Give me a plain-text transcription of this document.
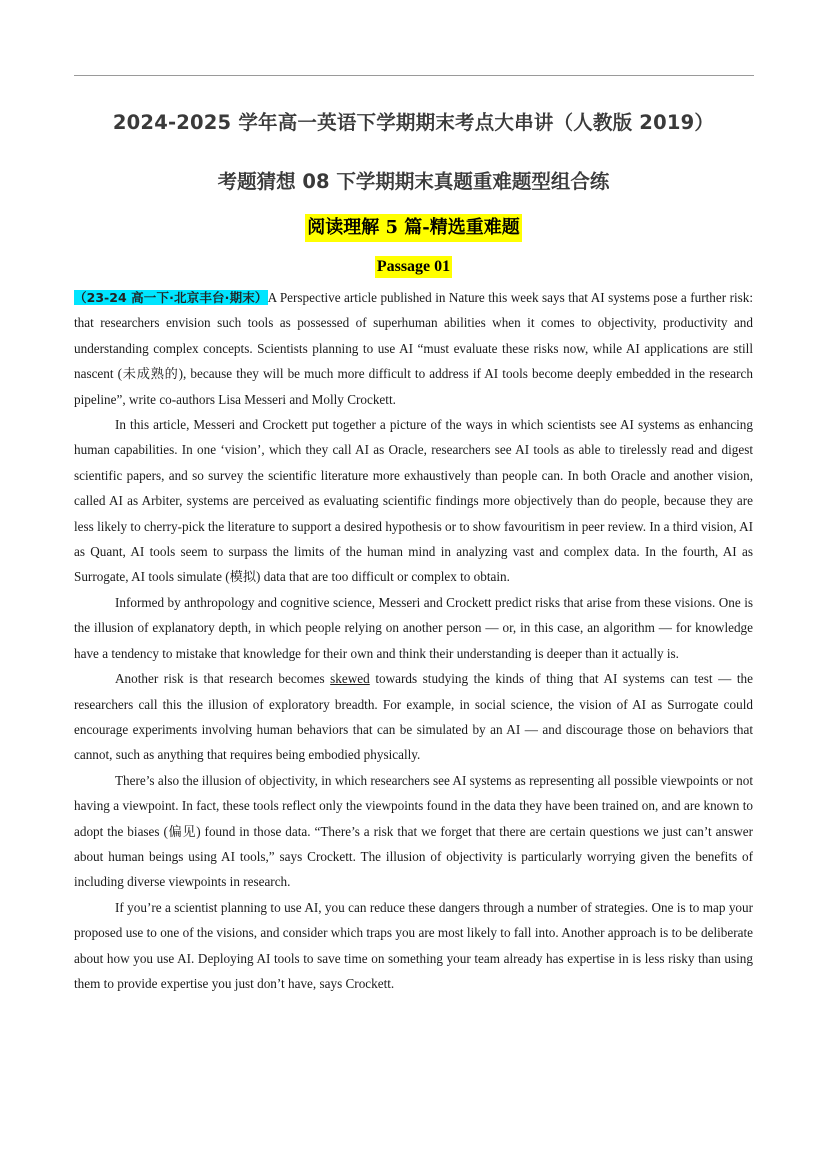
2024-2025 学年高一英语下学期期末考点大串讲（人教版 2019）
考题猜想 08 下学期期末真题重难题型组合练
阅读理解 5 篇-精选重难题
Passage 01

（23-24 高一下·北京丰台·期末）A Perspective article published in Nature this week says that AI systems pose a further risk: that researchers envision such tools as possessed of superhuman abilities when it comes to objectivity, productivity and understanding complex concepts. Scientists planning to use AI “must evaluate these risks now, while AI applications are still nascent (未成熟的), because they will be much more difficult to address if AI tools become deeply embedded in the research pipeline”, write co-authors Lisa Messeri and Molly Crockett.

In this article, Messeri and Crockett put together a picture of the ways in which scientists see AI systems as enhancing human capabilities. In one ‘vision’, which they call AI as Oracle, researchers see AI tools as able to tirelessly read and digest scientific papers, and so survey the scientific literature more exhaustively than people can. In both Oracle and another vision, called AI as Arbiter, systems are perceived as evaluating scientific findings more objectively than do people, because they are less likely to cherry-pick the literature to support a desired hypothesis or to show favouritism in peer review. In a third vision, AI as Quant, AI tools seem to surpass the limits of the human mind in analyzing vast and complex data. In the fourth, AI as Surrogate, AI tools simulate (模拟) data that are too difficult or complex to obtain.

Informed by anthropology and cognitive science, Messeri and Crockett predict risks that arise from these visions. One is the illusion of explanatory depth, in which people relying on another person — or, in this case, an algorithm — for knowledge have a tendency to mistake that knowledge for their own and think their understanding is deeper than it actually is.

Another risk is that research becomes skewed towards studying the kinds of thing that AI systems can test — the researchers call this the illusion of exploratory breadth. For example, in social science, the vision of AI as Surrogate could encourage experiments involving human behaviors that can be simulated by an AI — and discourage those on behaviors that cannot, such as anything that requires being embodied physically.

There’s also the illusion of objectivity, in which researchers see AI systems as representing all possible viewpoints or not having a viewpoint. In fact, these tools reflect only the viewpoints found in the data they have been trained on, and are known to adopt the biases (偏见) found in those data. “There’s a risk that we forget that there are certain questions we just can’t answer about human beings using AI tools,” says Crockett. The illusion of objectivity is particularly worrying given the benefits of including diverse viewpoints in research.

If you’re a scientist planning to use AI, you can reduce these dangers through a number of strategies. One is to map your proposed use to one of the visions, and consider which traps you are most likely to fall into. Another approach is to be deliberate about how you use AI. Deploying AI tools to save time on something your team already has expertise in is less risky than using them to provide expertise you just don’t have, says Crockett.
